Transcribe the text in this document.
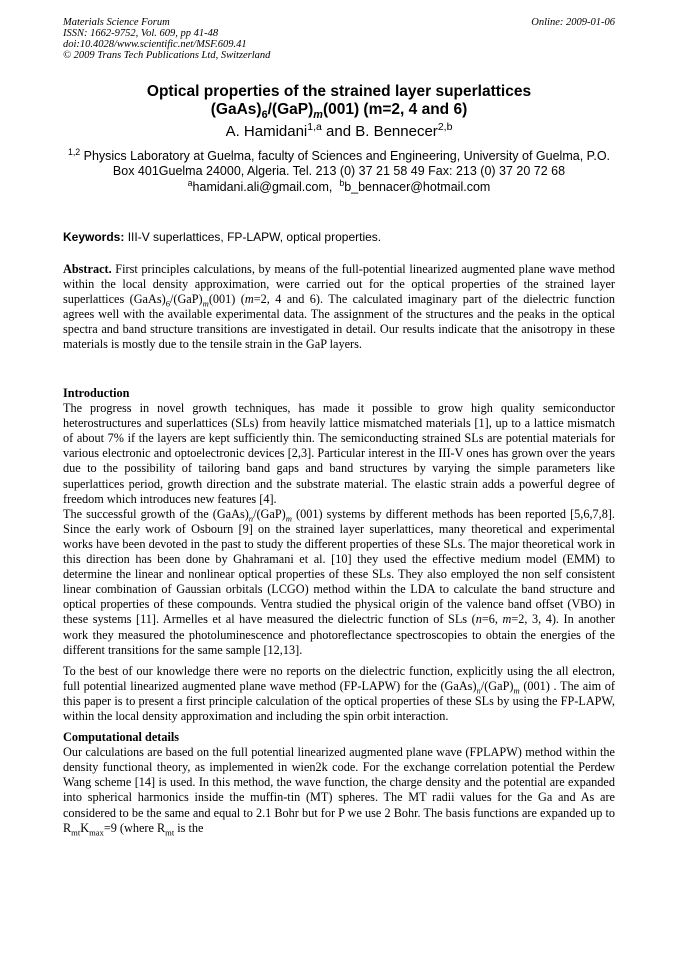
Materials Science Forum
ISSN: 1662-9752, Vol. 609, pp 41-48
doi:10.4028/www.scientific.net/MSF.609.41
© 2009 Trans Tech Publications Ltd, Switzerland
Online: 2009-01-06
Optical properties of the strained layer superlattices
$(GaAs)_6/(GaP)_m(001)$ (m=2, 4 and 6)
A. Hamidani$^{1,a}$ and B. Bennecer$^{2,b}$
$^{1,2}$ Physics Laboratory at Guelma, faculty of Sciences and Engineering, University of Guelma, P.O. Box 401Guelma 24000, Algeria. Tel. 213 (0) 37 21 58 49 Fax: 213 (0) 37 20 72 68
$^a$hamidani.ali@gmail.com, $^b$b_bennacer@hotmail.com
Keywords: III-V superlattices, FP-LAPW, optical properties.

Abstract. First principles calculations, by means of the full-potential linearized augmented plane wave method within the local density approximation, were carried out for the optical properties of the strained layer superlattices $(GaAs)_6/(GaP)_m(001)$ (m=2, 4 and 6). The calculated imaginary part of the dielectric function agrees well with the available experimental data. The assignment of the structures and the peaks in the optical spectra and band structure transitions are investigated in detail. Our results indicate that the anisotropy in these materials is mostly due to the tensile strain in the GaP layers.

Introduction

The progress in novel growth techniques, has made it possible to grow high quality semiconductor heterostructures and superlattices (SLs) from heavily lattice mismatched materials [1], up to a lattice mismatch of about 7% if the layers are kept sufficiently thin. The semiconducting strained SLs are potential materials for various electronic and optoelectronic devices [2,3]. Particular interest in the III-V ones has grown over the years due to the possibility of tailoring band gaps and band structures by varying the simple parameters like superlattices period, growth direction and the substrate material. The elastic strain adds a powerful degree of freedom which introduces new features [4].

The successful growth of the $(GaAs)_n/(GaP)_m$ (001) systems by different methods has been reported [5,6,7,8]. Since the early work of Osbourn [9] on the strained layer superlattices, many theoretical and experimental works have been devoted in the past to study the different properties of these SLs. The major theoretical work in this direction has been done by Ghahramani et al. [10] they used the effective medium model (EMM) to determine the linear and nonlinear optical properties of these SLs. They also employed the non self consistent linear combination of Gaussian orbitals (LCGO) method within the LDA to calculate the band structure and optical properties of these compounds. Ventra studied the physical origin of the valence band offset (VBO) in these systems [11]. Armelles et al have measured the dielectric function of SLs (n=6, m=2, 3, 4). In another work they measured the photoluminescence and photoreflectance spectroscopies to obtain the energies of the different transitions for the same sample [12,13].

To the best of our knowledge there were no reports on the dielectric function, explicitly using the all electron, full potential linearized augmented plane wave method (FP-LAPW) for the $(GaAs)_n/(GaP)_m$ (001) . The aim of this paper is to present a first principle calculation of the optical properties of these SLs by using the FP-LAPW, within the local density approximation and including the spin orbit interaction.

Computational details

Our calculations are based on the full potential linearized augmented plane wave (FPLAPW) method within the density functional theory, as implemented in wien2k code. For the exchange correlation potential the Perdew Wang scheme [14] is used. In this method, the wave function, the charge density and the potential are expanded into spherical harmonics inside the muffin-tin (MT) spheres. The MT radii values for the Ga and As are considered to be the same and equal to 2.1 Bohr but for P we use 2 Bohr. The basis functions are expanded up to $R_{mt}K_{max}=9$ (where $R_{mt}$ is the
